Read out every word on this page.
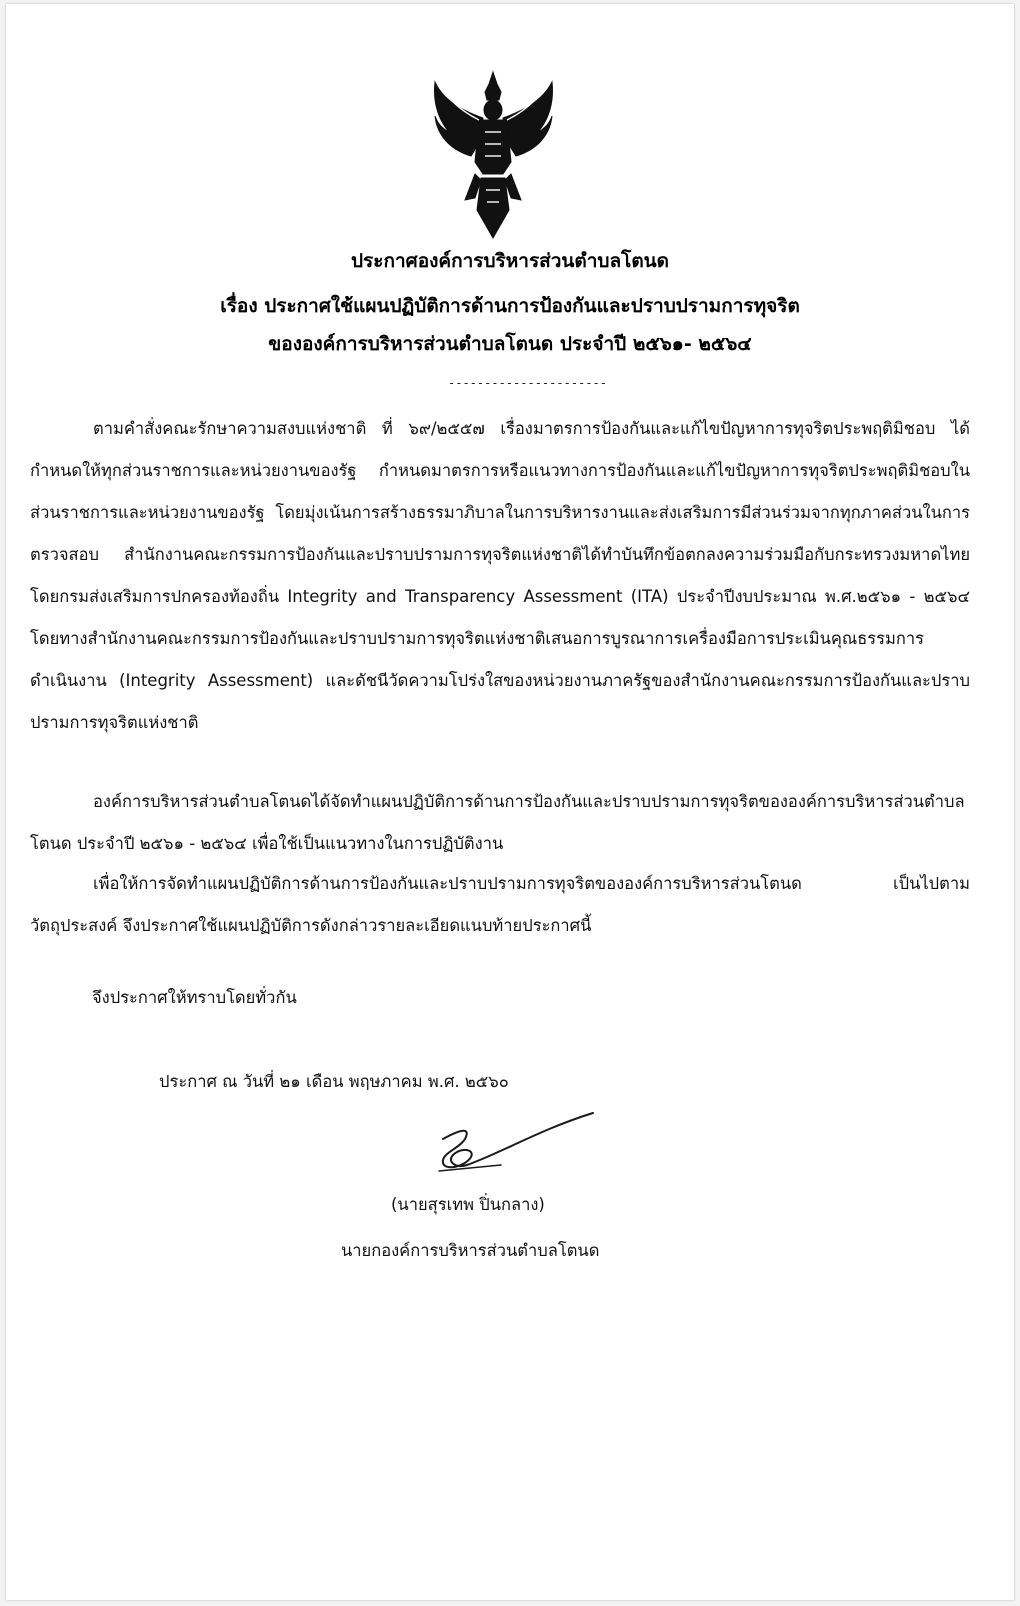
ประกาศองค์การบริหารส่วนตำบลโตนด
เรื่อง ประกาศใช้แผนปฏิบัติการด้านการป้องกันและปราบปรามการทุจริต
ขององค์การบริหารส่วนตำบลโตนด ประจำปี ๒๕๖๑- ๒๕๖๔
----------------------
ตามคำสั่งคณะรักษาความสงบแห่งชาติ ที่ ๖๙/๒๕๕๗ เรื่องมาตรการป้องกันและแก้ไขปัญหาการทุจริตประพฤติมิชอบ ได้กำหนดให้ทุกส่วนราชการและหน่วยงานของรัฐ กำหนดมาตรการหรือแนวทางการป้องกันและแก้ไขปัญหาการทุจริตประพฤติมิชอบในส่วนราชการและหน่วยงานของรัฐ โดยมุ่งเน้นการสร้างธรรมาภิบาลในการบริหารงานและส่งเสริมการมีส่วนร่วมจากทุกภาคส่วนในการตรวจสอบ สำนักงานคณะกรรมการป้องกันและปราบปรามการทุจริตแห่งชาติได้ทำบันทึกข้อตกลงความร่วมมือกับกระทรวงมหาดไทย โดยกรมส่งเสริมการปกครองท้องถิ่น Integrity and Transparency Assessment (ITA) ประจำปีงบประมาณ พ.ศ.๒๕๖๑ - ๒๕๖๔ โดยทางสำนักงานคณะกรรมการป้องกันและปราบปรามการทุจริตแห่งชาติเสนอการบูรณาการเครื่องมือการประเมินคุณธรรมการดำเนินงาน (Integrity Assessment) และดัชนีวัดความโปร่งใสของหน่วยงานภาครัฐของสำนักงานคณะกรรมการป้องกันและปราบปรามการทุจริตแห่งชาติ
องค์การบริหารส่วนตำบลโตนดได้จัดทำแผนปฏิบัติการด้านการป้องกันและปราบปรามการทุจริตขององค์การบริหารส่วนตำบลโตนด ประจำปี ๒๕๖๑ - ๒๕๖๔ เพื่อใช้เป็นแนวทางในการปฏิบัติงาน
เพื่อให้การจัดทำแผนปฏิบัติการด้านการป้องกันและปราบปรามการทุจริตขององค์การบริหารส่วนโตนด เป็นไปตามวัตถุประสงค์ จึงประกาศใช้แผนปฏิบัติการดังกล่าวรายละเอียดแนบท้ายประกาศนี้
จึงประกาศให้ทราบโดยทั่วกัน
ประกาศ ณ วันที่ ๒๑ เดือน พฤษภาคม พ.ศ. ๒๕๖๐
(นายสุรเทพ ปิ่นกลาง)
นายกองค์การบริหารส่วนตำบลโตนด
